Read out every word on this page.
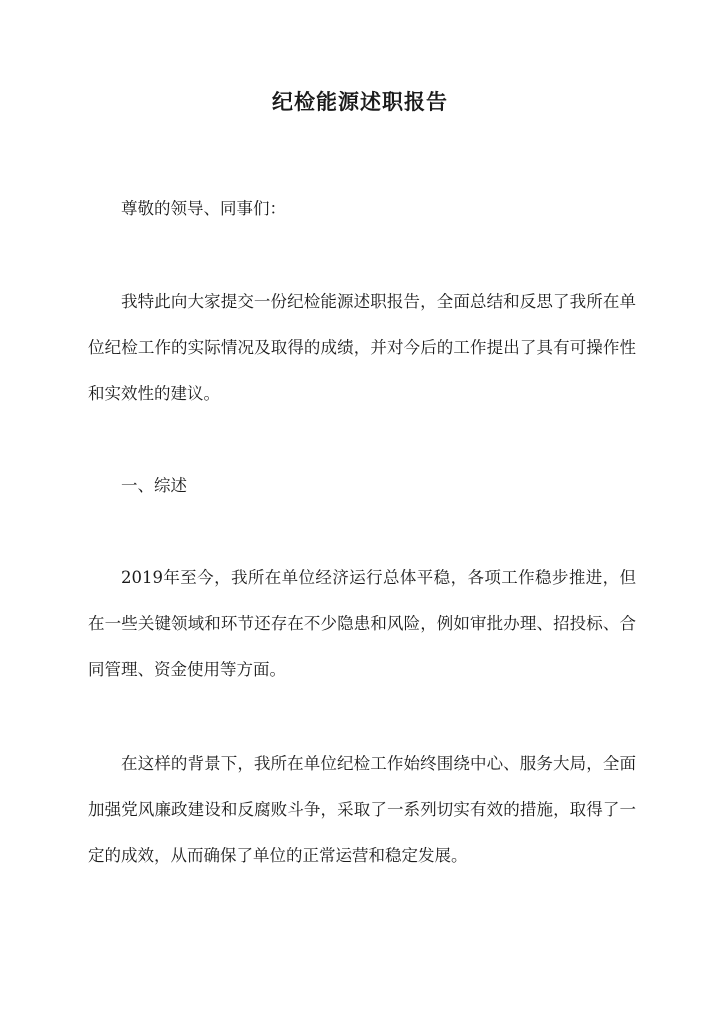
纪检能源述职报告

尊敬的领导、同事们：

我特此向大家提交一份纪检能源述职报告，全面总结和反思了我所在单位纪检工作的实际情况及取得的成绩，并对今后的工作提出了具有可操作性和实效性的建议。

一、综述

2019年至今，我所在单位经济运行总体平稳，各项工作稳步推进，但在一些关键领域和环节还存在不少隐患和风险，例如审批办理、招投标、合同管理、资金使用等方面。

在这样的背景下，我所在单位纪检工作始终围绕中心、服务大局，全面加强党风廉政建设和反腐败斗争，采取了一系列切实有效的措施，取得了一定的成效，从而确保了单位的正常运营和稳定发展。
